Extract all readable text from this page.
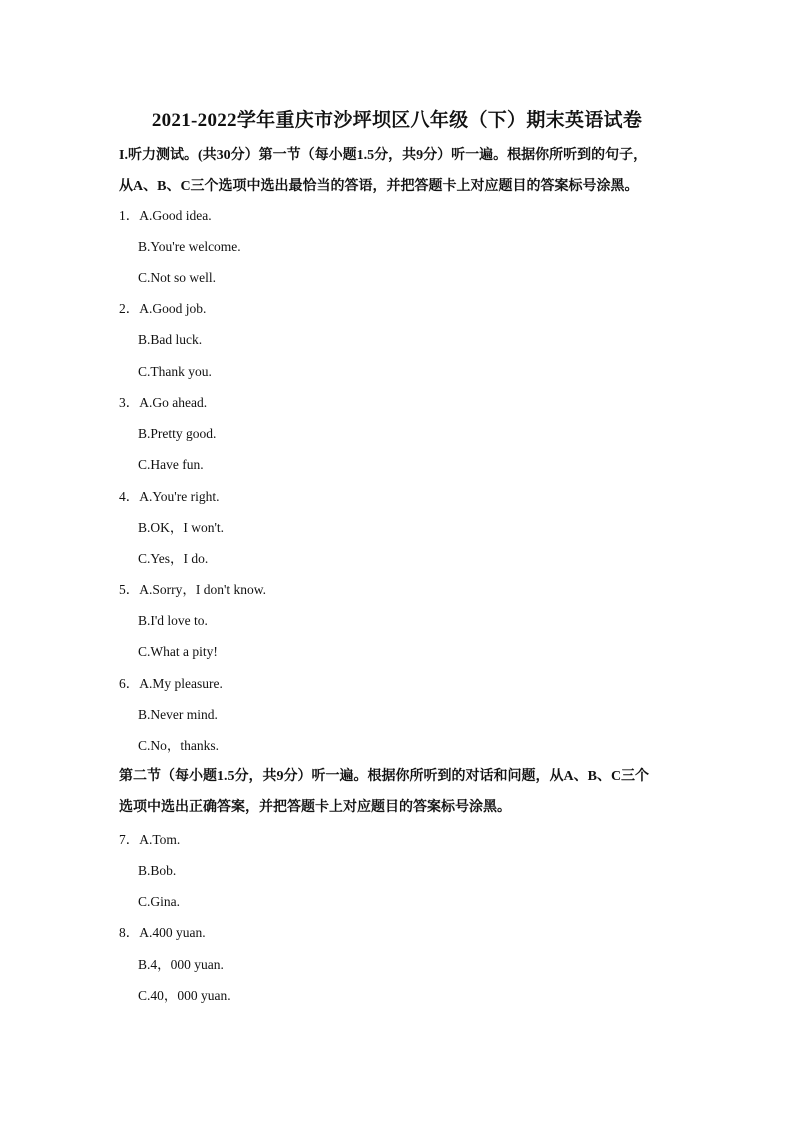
2021-2022学年重庆市沙坪坝区八年级（下）期末英语试卷
I.听力测试。(共30分）第一节（每小题1.5分，共9分）听一遍。根据你所听到的句子，
从A、B、C三个选项中选出最恰当的答语，并把答题卡上对应题目的答案标号涂黑。
1．A.Good idea.
B.You're welcome.
C.Not so well.
2．A.Good job.
B.Bad luck.
C.Thank you.
3．A.Go ahead.
B.Pretty good.
C.Have fun.
4．A.You're right.
B.OK，I won't.
C.Yes，I do.
5．A.Sorry，I don't know.
B.I'd love to.
C.What a pity!
6．A.My pleasure.
B.Never mind.
C.No，thanks.
第二节（每小题1.5分，共9分）听一遍。根据你所听到的对话和问题，从A、B、C三个
选项中选出正确答案，并把答题卡上对应题目的答案标号涂黑。
7．A.Tom.
B.Bob.
C.Gina.
8．A.400 yuan.
B.4，000 yuan.
C.40，000 yuan.
